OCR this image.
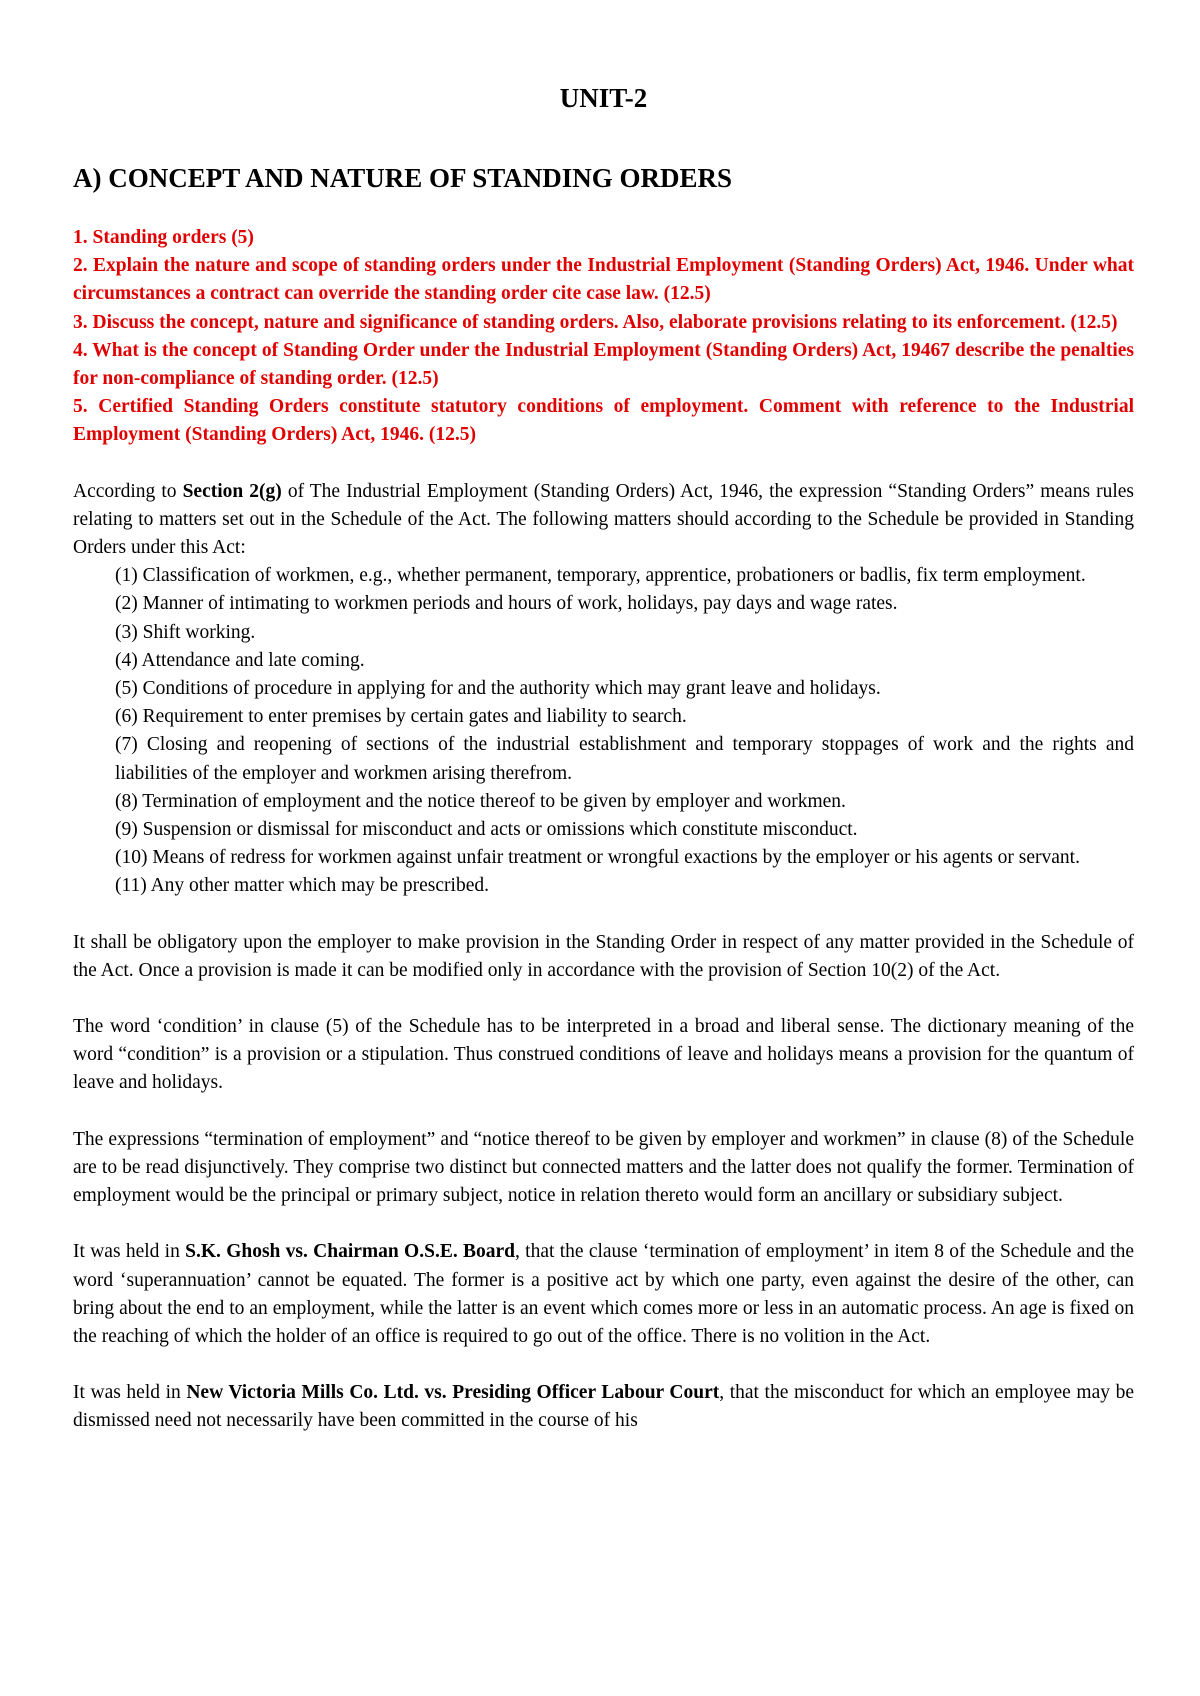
UNIT-2
A) CONCEPT AND NATURE OF STANDING ORDERS

1. Standing orders (5)

2. Explain the nature and scope of standing orders under the Industrial Employment (Standing Orders) Act, 1946. Under what circumstances a contract can override the standing order cite case law. (12.5)

3. Discuss the concept, nature and significance of standing orders. Also, elaborate provisions relating to its enforcement. (12.5)

4. What is the concept of Standing Order under the Industrial Employment (Standing Orders) Act, 19467 describe the penalties for non-compliance of standing order. (12.5)

5. Certified Standing Orders constitute statutory conditions of employment. Comment with reference to the Industrial Employment (Standing Orders) Act, 1946. (12.5)

According to Section 2(g) of The Industrial Employment (Standing Orders) Act, 1946, the expression “Standing Orders” means rules relating to matters set out in the Schedule of the Act. The following matters should according to the Schedule be provided in Standing Orders under this Act:

(1) Classification of workmen, e.g., whether permanent, temporary, apprentice, probationers or badlis, fix term employment.
(2) Manner of intimating to workmen periods and hours of work, holidays, pay days and wage rates.
(3) Shift working.
(4) Attendance and late coming.
(5) Conditions of procedure in applying for and the authority which may grant leave and holidays.
(6) Requirement to enter premises by certain gates and liability to search.
(7) Closing and reopening of sections of the industrial establishment and temporary stoppages of work and the rights and liabilities of the employer and workmen arising therefrom.
(8) Termination of employment and the notice thereof to be given by employer and workmen.
(9) Suspension or dismissal for misconduct and acts or omissions which constitute misconduct.
(10) Means of redress for workmen against unfair treatment or wrongful exactions by the employer or his agents or servant.
(11) Any other matter which may be prescribed.

It shall be obligatory upon the employer to make provision in the Standing Order in respect of any matter provided in the Schedule of the Act. Once a provision is made it can be modified only in accordance with the provision of Section 10(2) of the Act.

The word ‘condition’ in clause (5) of the Schedule has to be interpreted in a broad and liberal sense. The dictionary meaning of the word “condition” is a provision or a stipulation. Thus construed conditions of leave and holidays means a provision for the quantum of leave and holidays.

The expressions “termination of employment” and “notice thereof to be given by employer and workmen” in clause (8) of the Schedule are to be read disjunctively. They comprise two distinct but connected matters and the latter does not qualify the former. Termination of employment would be the principal or primary subject, notice in relation thereto would form an ancillary or subsidiary subject.

It was held in S.K. Ghosh vs. Chairman O.S.E. Board, that the clause ‘termination of employment’ in item 8 of the Schedule and the word ‘superannuation’ cannot be equated. The former is a positive act by which one party, even against the desire of the other, can bring about the end to an employment, while the latter is an event which comes more or less in an automatic process. An age is fixed on the reaching of which the holder of an office is required to go out of the office. There is no volition in the Act.

It was held in New Victoria Mills Co. Ltd. vs. Presiding Officer Labour Court, that the misconduct for which an employee may be dismissed need not necessarily have been committed in the course of his
